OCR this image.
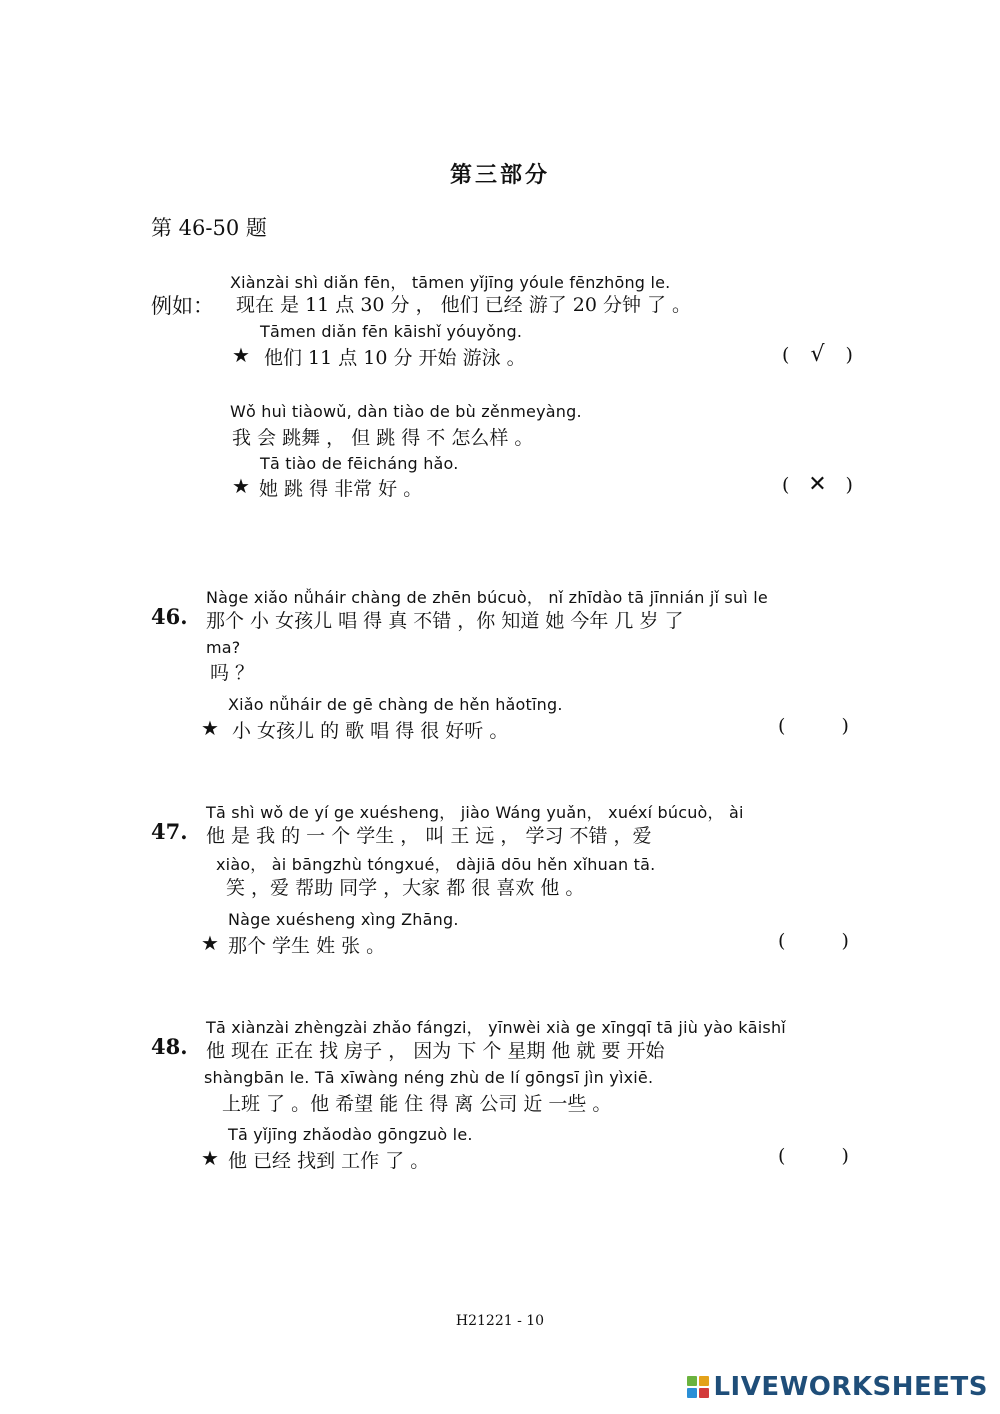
第三部分
第 46-50 题
Xiànzài shì diǎn fēn， tāmen yǐjīng yóule fēnzhōng le.
例如： 现在 是 11 点 30 分 ， 他们 已经 游了 20 分钟 了 。
Tāmen diǎn fēn kāishǐ yóuyǒng.
★ 他们 11 点 10 分 开始 游泳 。	( √ )
Wǒ huì tiàowǔ, dàn tiào de bù zěnmeyàng.
我 会 跳舞 ， 但 跳 得 不 怎么样 。
Tā tiào de fēicháng hǎo.
★ 她 跳 得 非常 好 。	( ✕ )
Nàge xiǎo nǚháir chàng de zhēn búcuò， nǐ zhīdào tā jīnnián jǐ suì le
46. 那个 小 女孩儿 唱 得 真 不错 ，你 知道 她 今年 几 岁 了
ma?
吗 ？
Xiǎo nǚháir de gē chàng de hěn hǎotīng.
★ 小 女孩儿 的 歌 唱 得 很 好听 。	(	)
Tā shì wǒ de yí ge xuésheng， jiào Wáng yuǎn， xuéxí búcuò， ài
47. 他 是 我 的 一 个 学生 ， 叫 王 远 ， 学习 不错 ，爱
xiào， ài bāngzhù tóngxué， dàjiā dōu hěn xǐhuan tā.
笑 ，爱 帮助 同学 ，大家 都 很 喜欢 他 。
Nàge xuésheng xìng Zhāng.
★ 那个 学生 姓 张 。	(	)
Tā xiànzài zhèngzài zhǎo fángzi， yīnwèi xià ge xīngqī tā jiù yào kāishǐ
48. 他 现在 正在 找 房子 ， 因为 下 个 星期 他 就 要 开始
shàngbān le. Tā xīwàng néng zhù de lí gōngsī jìn yìxiē.
上班 了 。他 希望 能 住 得 离 公司 近 一些 。
Tā yǐjīng zhǎodào gōngzuò le.
★ 他 已经 找到 工作 了 。	(	)
H21221 - 10
LIVEWORKSHEETS
